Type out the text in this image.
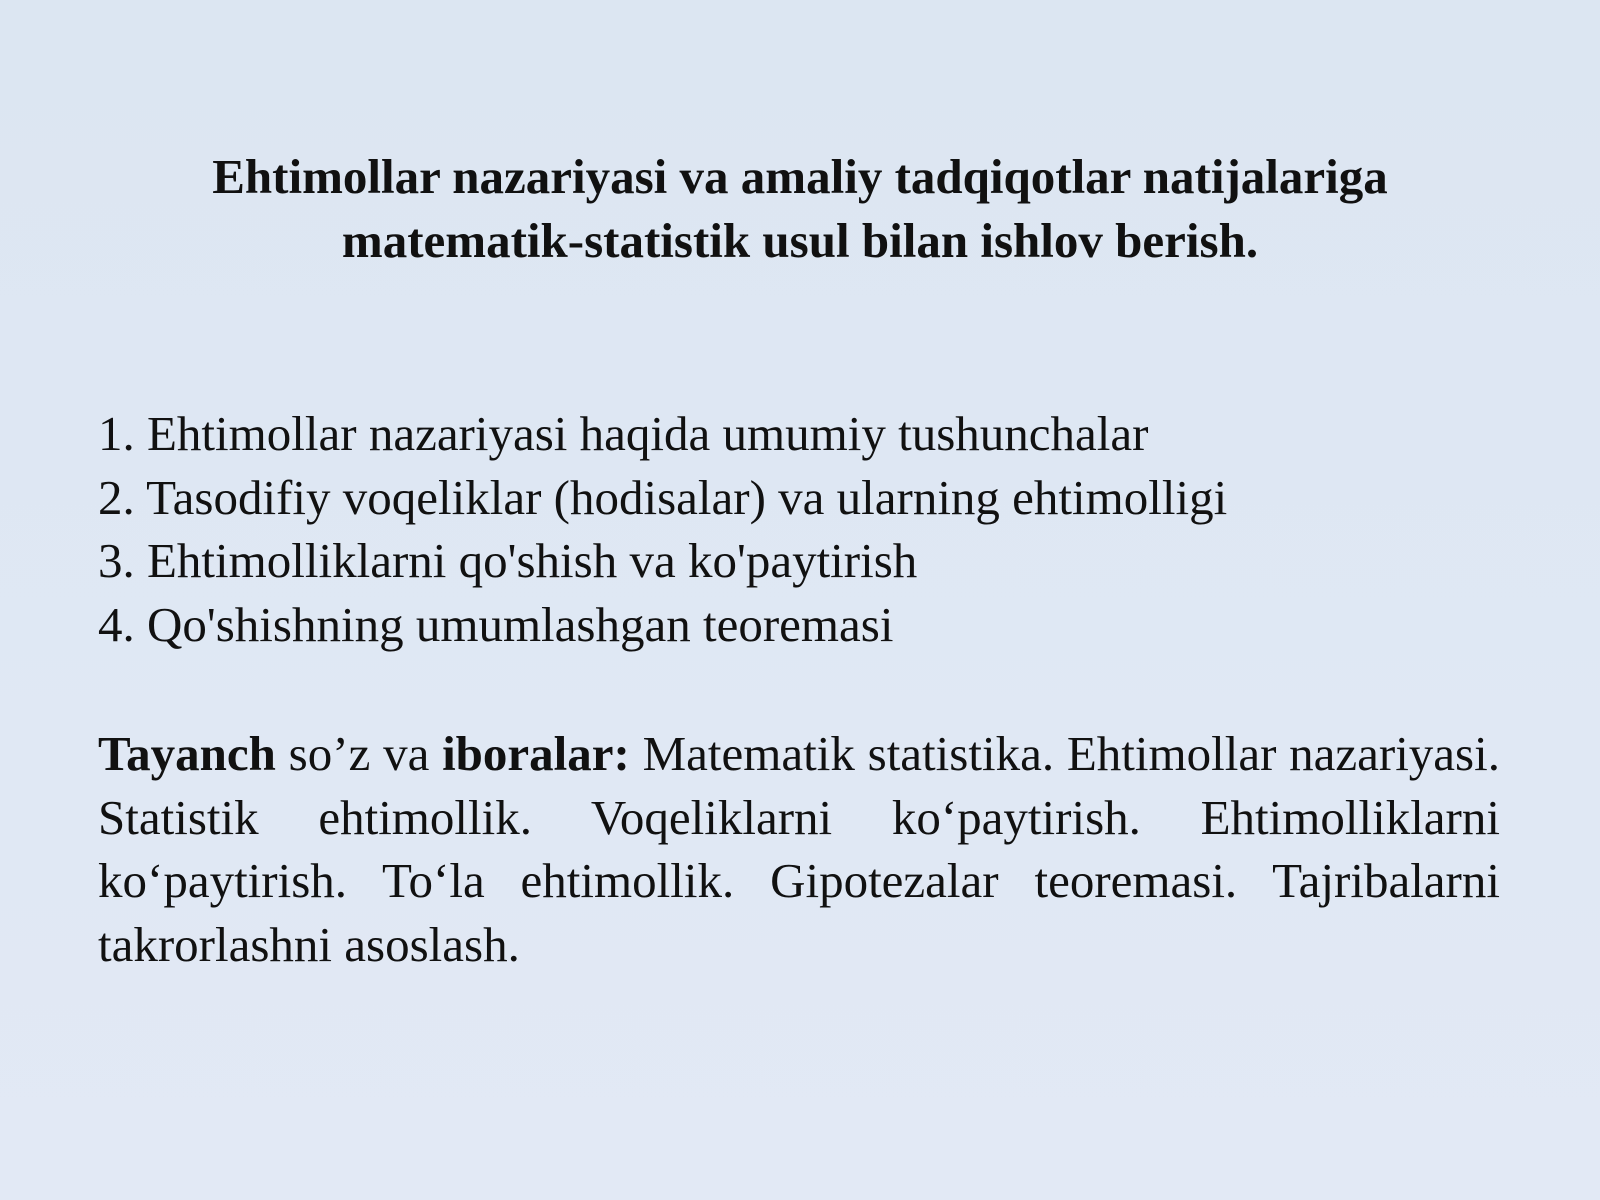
Ehtimollar nazariyasi va amaliy tadqiqotlar natijalariga
matematik-statistik usul bilan ishlov berish.
1. Ehtimollar nazariyasi haqida umumiy tushunchalar
2. Tasodifiy voqeliklar (hodisalar) va ularning ehtimolligi
3. Ehtimolliklarni qo'shish va ko'paytirish
4. Qo'shishning umumlashgan teoremasi

Tayanch so’z va iboralar: Matematik statistika. Ehtimollar nazariyasi. Statistik ehtimollik. Voqeliklarni ko‘paytirish. Ehtimolliklarni ko‘paytirish. To‘la ehtimollik. Gipotezalar teoremasi. Tajribalarni takrorlashni asoslash.
